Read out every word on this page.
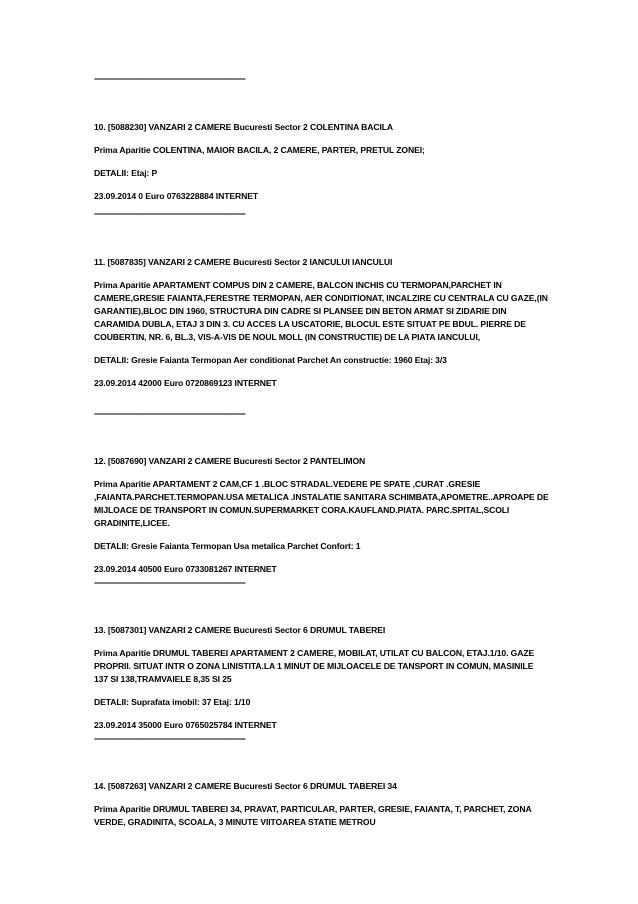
---------------------------------------------------------------------------------

10. [5088230] VANZARI 2 CAMERE Bucuresti Sector 2 COLENTINA BACILA

Prima Aparitie COLENTINA, MAIOR BACILA, 2 CAMERE, PARTER, PRETUL ZONEI;

DETALII: Etaj: P

23.09.2014 0 Euro 0763228884 INTERNET

---------------------------------------------------------------------------------

11. [5087835] VANZARI 2 CAMERE Bucuresti Sector 2 IANCULUI IANCULUI

Prima Aparitie APARTAMENT COMPUS DIN 2 CAMERE, BALCON INCHIS CU TERMOPAN,PARCHET IN CAMERE,GRESIE FAIANTA,FERESTRE TERMOPAN, AER CONDITIONAT, INCALZIRE CU CENTRALA CU GAZE,(IN GARANTIE),BLOC DIN 1960, STRUCTURA DIN CADRE SI PLANSEE DIN BETON ARMAT SI ZIDARIE DIN CARAMIDA DUBLA, ETAJ 3 DIN 3. CU ACCES LA USCATORIE, BLOCUL ESTE SITUAT PE BDUL. PIERRE DE COUBERTIN, NR. 6, BL.3, VIS-A-VIS DE NOUL MOLL (IN CONSTRUCTIE) DE LA PIATA IANCULUI,

DETALII: Gresie Faianta Termopan Aer conditionat Parchet An constructie: 1960 Etaj: 3/3

23.09.2014 42000 Euro 0720869123 INTERNET

---------------------------------------------------------------------------------

12. [5087690] VANZARI 2 CAMERE Bucuresti Sector 2 PANTELIMON

Prima Aparitie APARTAMENT 2 CAM,CF 1 .BLOC STRADAL.VEDERE PE SPATE ,CURAT .GRESIE ,FAIANTA.PARCHET.TERMOPAN.USA METALICA .INSTALATIE SANITARA SCHIMBATA,APOMETRE..APROAPE DE MIJLOACE DE TRANSPORT IN COMUN.SUPERMARKET CORA.KAUFLAND.PIATA. PARC.SPITAL,SCOLI GRADINITE,LICEE.

DETALII: Gresie Faianta Termopan Usa metalica Parchet Confort: 1

23.09.2014 40500 Euro 0733081267 INTERNET

---------------------------------------------------------------------------------

13. [5087301] VANZARI 2 CAMERE Bucuresti Sector 6 DRUMUL TABEREI

Prima Aparitie DRUMUL TABEREI APARTAMENT 2 CAMERE, MOBILAT, UTILAT CU BALCON, ETAJ.1/10. GAZE PROPRII. SITUAT INTR O ZONA LINISTITA.LA 1 MINUT DE MIJLOACELE DE TANSPORT IN COMUN, MASINILE 137 SI 138,TRAMVAIELE 8,35 SI 25

DETALII: Suprafata imobil: 37 Etaj: 1/10

23.09.2014 35000 Euro 0765025784 INTERNET

---------------------------------------------------------------------------------

14. [5087263] VANZARI 2 CAMERE Bucuresti Sector 6 DRUMUL TABEREI 34

Prima Aparitie DRUMUL TABEREI 34, PRAVAT, PARTICULAR, PARTER, GRESIE, FAIANTA, T, PARCHET, ZONA VERDE, GRADINITA, SCOALA, 3 MINUTE VIITOAREA STATIE METROU
